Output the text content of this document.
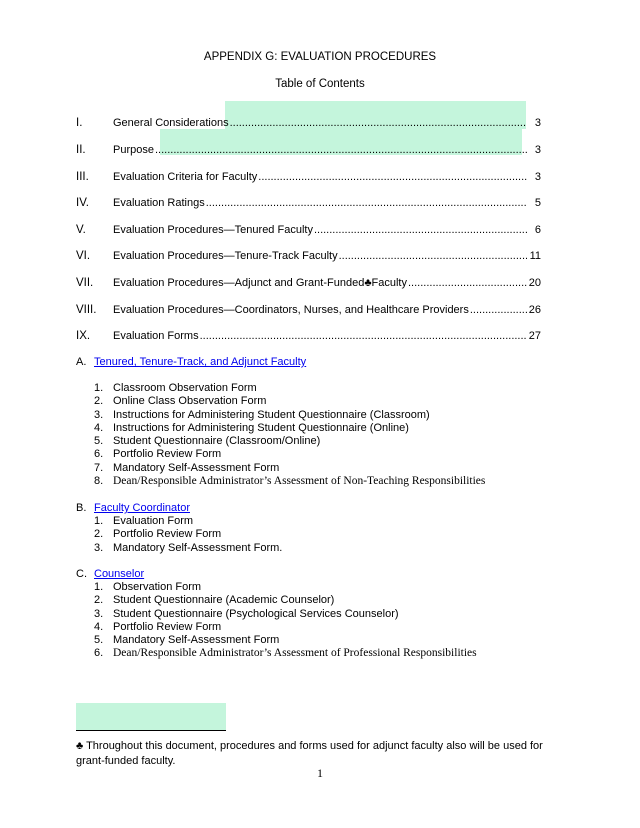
APPENDIX G: EVALUATION PROCEDURES
Table of Contents
I.	General Considerations .....	3
II. Purpose .....	3
III. Evaluation Criteria for Faculty .....	3
IV. Evaluation Ratings .....	5
V. Evaluation Procedures—Tenured Faculty .....	6
VI. Evaluation Procedures—Tenure-Track Faculty .....	11
VII. Evaluation Procedures—Adjunct and Grant-Funded♣Faculty .....	20
VIII. Evaluation Procedures—Coordinators, Nurses, and Healthcare Providers .....	26
IX. Evaluation Forms .....	27
A. Tenured, Tenure-Track, and Adjunct Faculty
1. Classroom Observation Form
2. Online Class Observation Form
3. Instructions for Administering Student Questionnaire (Classroom)
4. Instructions for Administering Student Questionnaire (Online)
5. Student Questionnaire (Classroom/Online)
6. Portfolio Review Form
7. Mandatory Self-Assessment Form
8. Dean/Responsible Administrator’s Assessment of Non-Teaching Responsibilities
B. Faculty Coordinator
1. Evaluation Form
2. Portfolio Review Form
3. Mandatory Self-Assessment Form.
C. Counselor
1. Observation Form
2. Student Questionnaire (Academic Counselor)
3. Student Questionnaire (Psychological Services Counselor)
4. Portfolio Review Form
5. Mandatory Self-Assessment Form
6. Dean/Responsible Administrator’s Assessment of Professional Responsibilities
♣ Throughout this document, procedures and forms used for adjunct faculty also will be used for grant-funded faculty.
1
